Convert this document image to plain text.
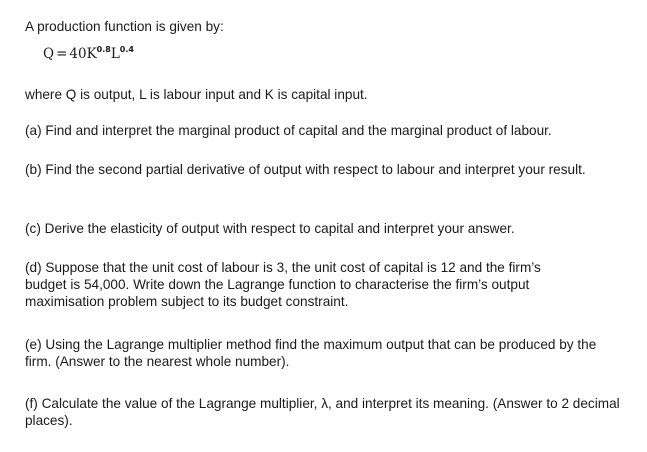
A production function is given by:
$Q = 40K^{0.8}L^{0.4}$
where Q is output, L is labour input and K is capital input.
(a) Find and interpret the marginal product of capital and the marginal product of labour.
(b) Find the second partial derivative of output with respect to labour and interpret your result.
(c) Derive the elasticity of output with respect to capital and interpret your answer.
(d) Suppose that the unit cost of labour is 3, the unit cost of capital is 12 and the firm’s budget is 54,000. Write down the Lagrange function to characterise the firm’s output maximisation problem subject to its budget constraint.
(e) Using the Lagrange multiplier method find the maximum output that can be produced by the firm. (Answer to the nearest whole number).
(f) Calculate the value of the Lagrange multiplier, λ, and interpret its meaning. (Answer to 2 decimal places).
